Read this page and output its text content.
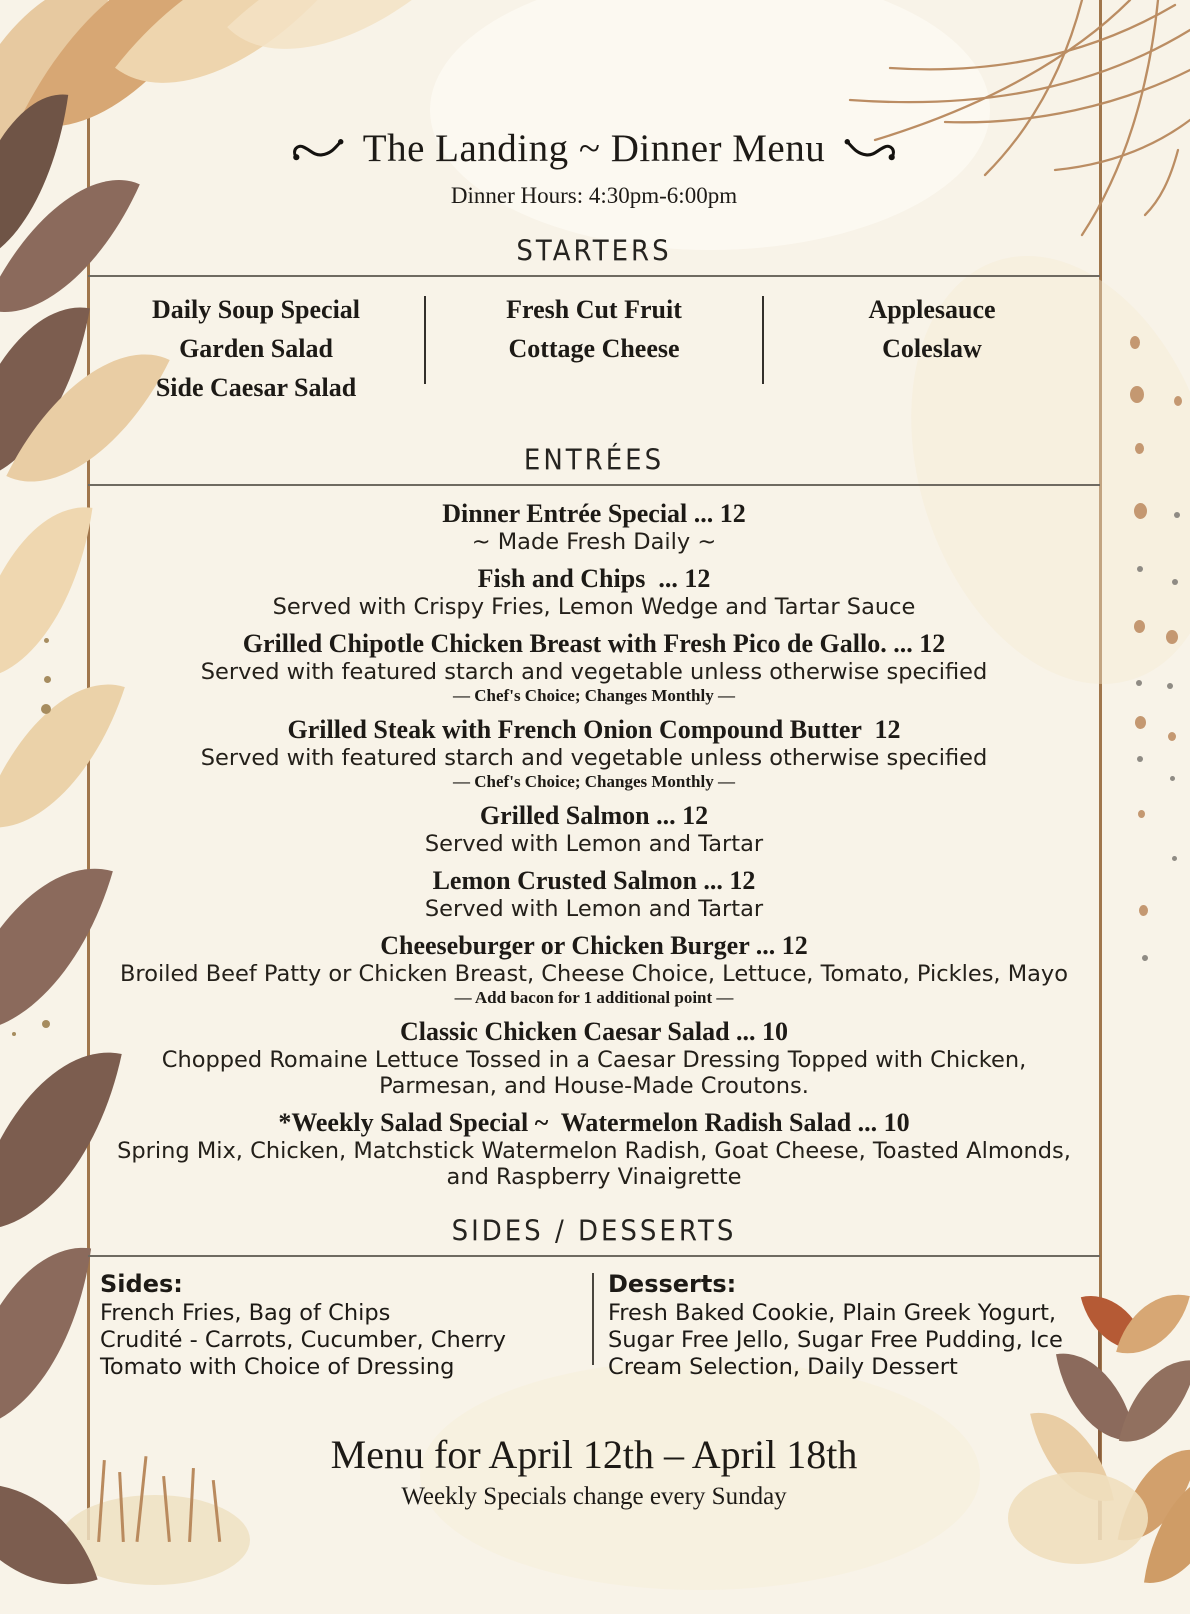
The Landing ~ Dinner Menu
Dinner Hours: 4:30pm-6:00pm
STARTERS
Daily Soup Special
Garden Salad
Side Caesar Salad
Fresh Cut Fruit
Cottage Cheese
Applesauce
Coleslaw
ENTRÉES
Dinner Entrée Special ... 12
~ Made Fresh Daily ~
Fish and Chips  ... 12
Served with Crispy Fries, Lemon Wedge and Tartar Sauce
Grilled Chipotle Chicken Breast with Fresh Pico de Gallo. ... 12
Served with featured starch and vegetable unless otherwise specified
— Chef's Choice; Changes Monthly —
Grilled Steak with French Onion Compound Butter  12
Served with featured starch and vegetable unless otherwise specified
— Chef's Choice; Changes Monthly —
Grilled Salmon ... 12
Served with Lemon and Tartar
Lemon Crusted Salmon ... 12
Served with Lemon and Tartar
Cheeseburger or Chicken Burger ... 12
Broiled Beef Patty or Chicken Breast, Cheese Choice, Lettuce, Tomato, Pickles, Mayo
— Add bacon for 1 additional point —
Classic Chicken Caesar Salad ... 10
Chopped Romaine Lettuce Tossed in a Caesar Dressing Topped with Chicken,
Parmesan, and House-Made Croutons.
*Weekly Salad Special ~  Watermelon Radish Salad ... 10
Spring Mix, Chicken, Matchstick Watermelon Radish, Goat Cheese, Toasted Almonds,
and Raspberry Vinaigrette
SIDES / DESSERTS
Sides:
French Fries, Bag of Chips
Crudité - Carrots, Cucumber, Cherry
Tomato with Choice of Dressing
Desserts:
Fresh Baked Cookie, Plain Greek Yogurt,
Sugar Free Jello, Sugar Free Pudding, Ice
Cream Selection, Daily Dessert
Menu for April 12th – April 18th
Weekly Specials change every Sunday
